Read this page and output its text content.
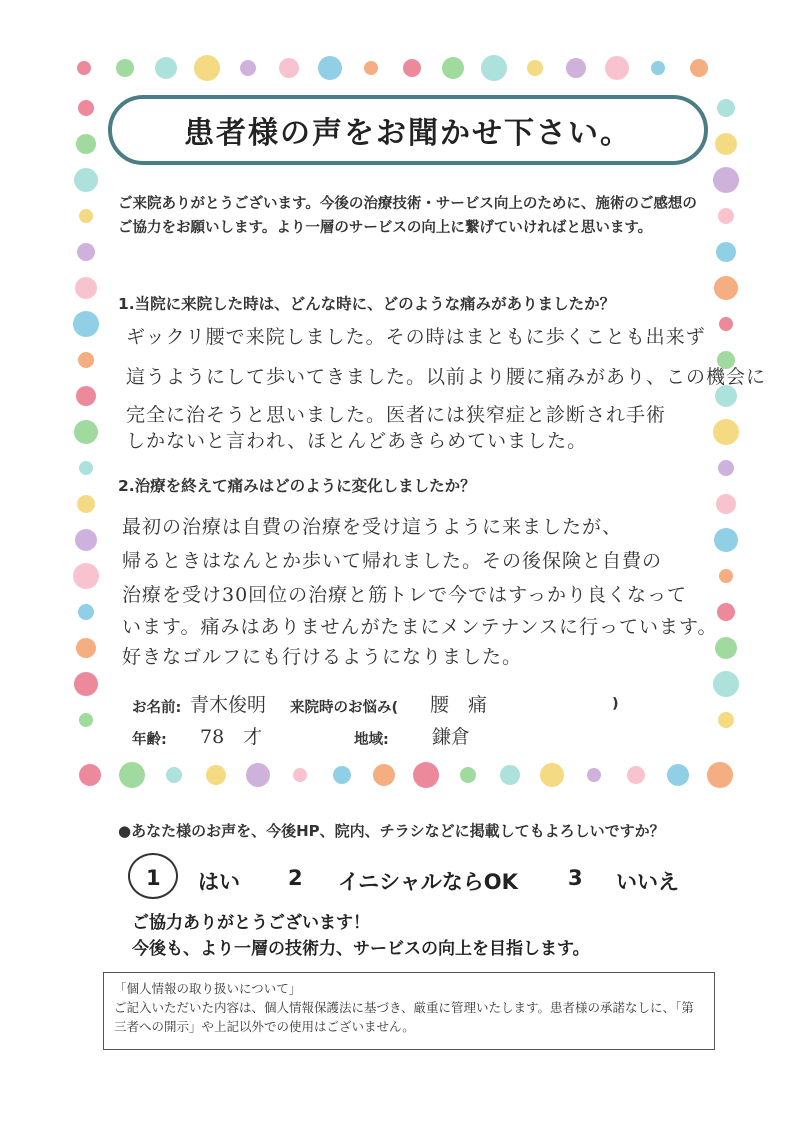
患者様の声をお聞かせ下さい。
ご来院ありがとうございます。今後の治療技術・サービス向上のために、施術のご感想のご協力をお願いします。より一層のサービスの向上に繋げていければと思います。
1.当院に来院した時は、どんな時に、どのような痛みがありましたか？
ギックリ腰で来院しました。その時はまともに歩くことも出来ず
這うようにして歩いてきました。以前より腰に痛みがあり、この機会に
完全に治そうと思いました。医者には狭窄症と診断され手術
しかないと言われ、ほとんどあきらめていました。
2.治療を終えて痛みはどのように変化しましたか？
最初の治療は自費の治療を受け這うように来ましたが、
帰るときはなんとか歩いて帰れました。その後保険と自費の
治療を受け30回位の治療と筋トレで今ではすっかり良くなって
います。痛みはありませんがたまにメンテナンスに行っています。
好きなゴルフにも行けるようになりました。
お名前: 青木俊明 来院時のお悩み( 腰　痛	)
年齢: 78　才	地域: 鎌倉
●あなた様のお声を、今後HP、院内、チラシなどに掲載してもよろしいですか？
1 はい 2 イニシャルならOK 3 いいえ
ご協力ありがとうございます！
今後も、より一層の技術力、サービスの向上を目指します。
「個人情報の取り扱いについて」
ご記入いただいた内容は、個人情報保護法に基づき、厳重に管理いたします。患者様の承諾なしに、「第三者への開示」や上記以外での使用はございません。
